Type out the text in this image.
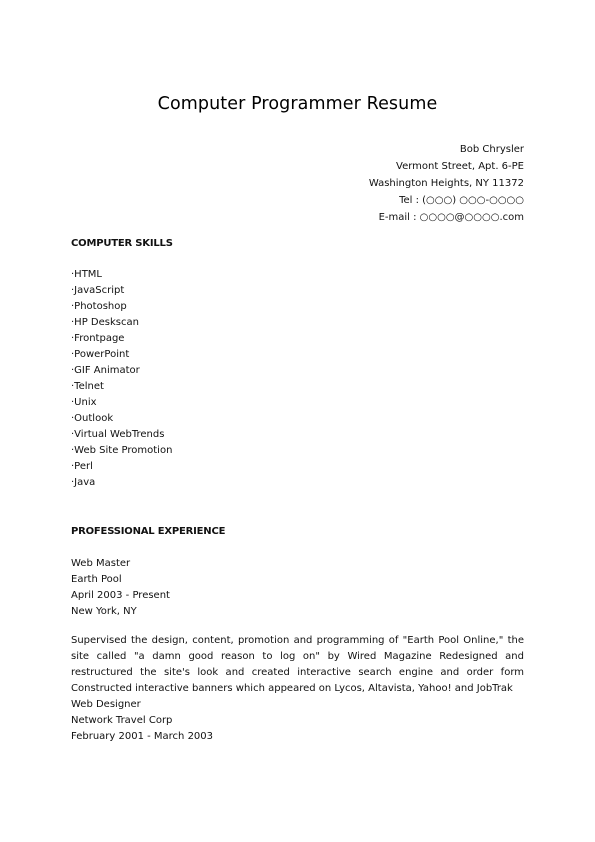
Computer Programmer Resume
Bob Chrysler
Vermont Street, Apt. 6-PE
Washington Heights, NY 11372
Tel : (○○○) ○○○-○○○○
E-mail : ○○○○@○○○○.com
COMPUTER SKILLS
·HTML
·JavaScript
·Photoshop
·HP Deskscan
·Frontpage
·PowerPoint
·GIF Animator
·Telnet
·Unix
·Outlook
·Virtual WebTrends
·Web Site Promotion
·Perl
·Java
PROFESSIONAL EXPERIENCE
Web Master
Earth Pool
April 2003 - Present
New York, NY
Supervised the design, content, promotion and programming of "Earth Pool Online," the site called "a damn good reason to log on" by Wired Magazine Redesigned and restructured the site's look and created interactive search engine and order form Constructed interactive banners which appeared on Lycos, Altavista, Yahoo! and JobTrak
Web Designer
Network Travel Corp
February 2001 - March 2003
